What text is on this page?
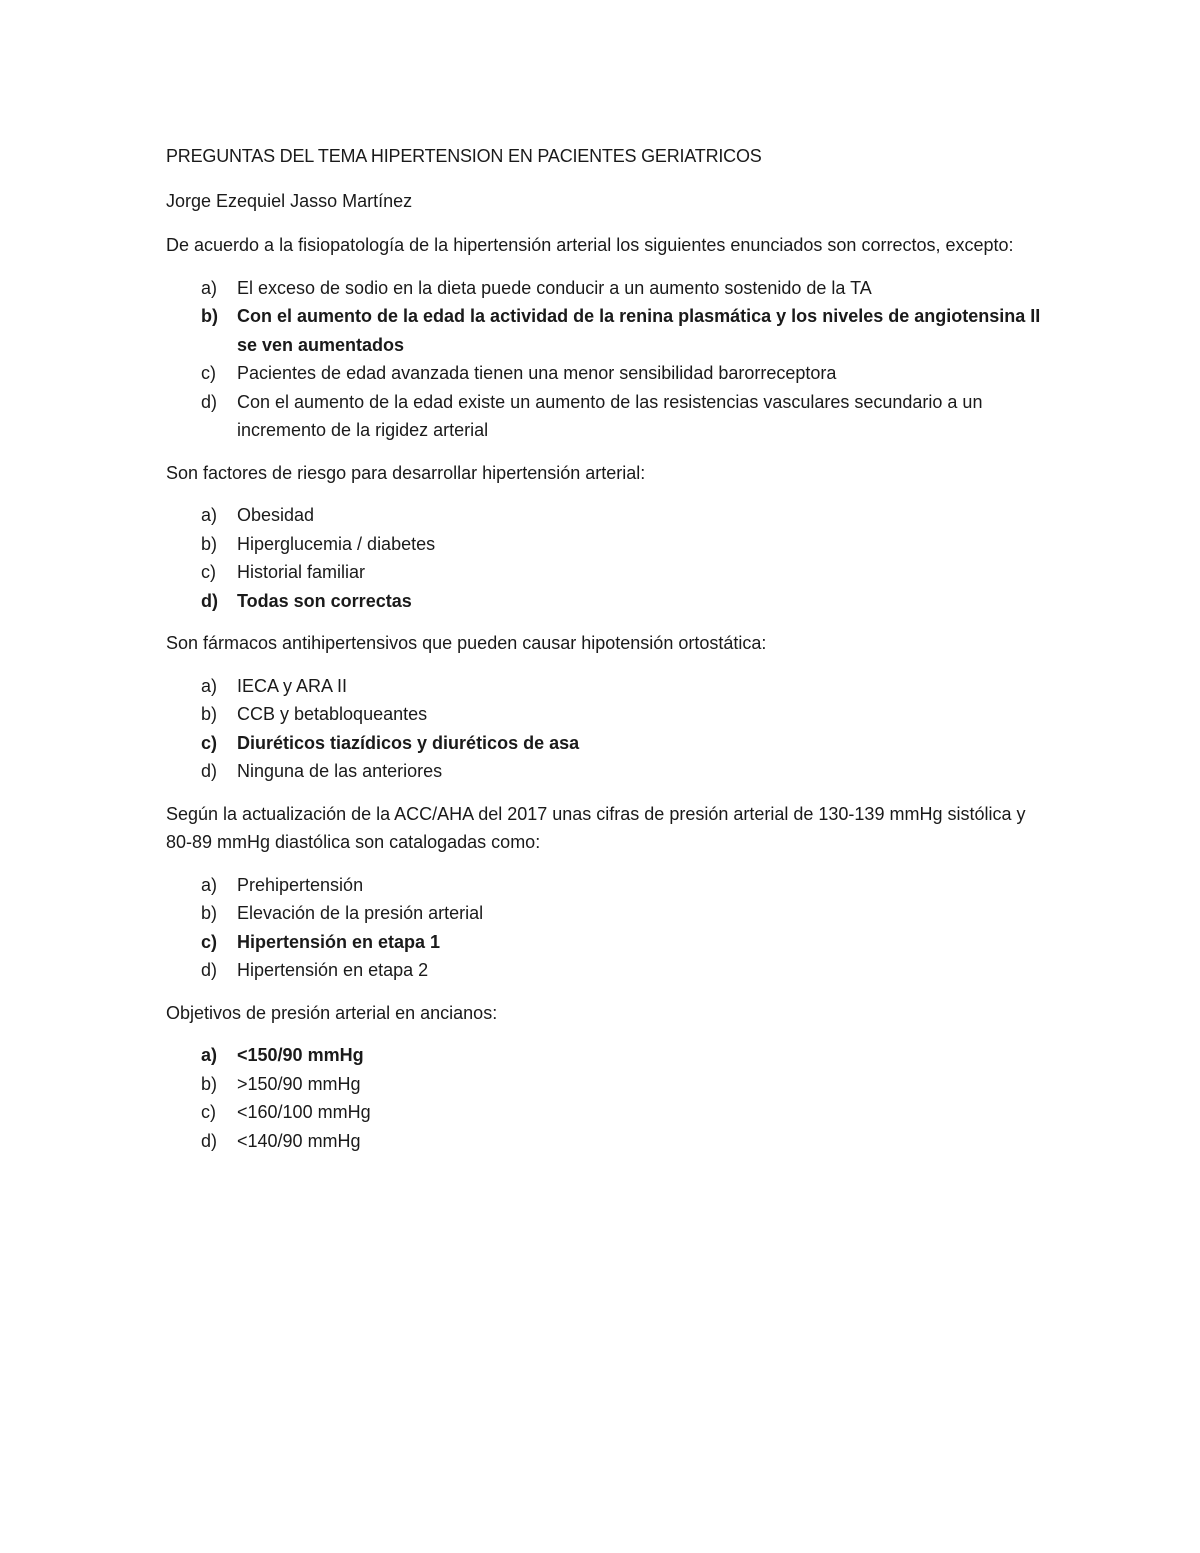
PREGUNTAS DEL TEMA HIPERTENSION EN PACIENTES GERIATRICOS

Jorge Ezequiel Jasso Martínez

De acuerdo a la fisiopatología de la hipertensión arterial los siguientes enunciados son correctos, excepto:

a) El exceso de sodio en la dieta puede conducir a un aumento sostenido de la TA
b) Con el aumento de la edad la actividad de la renina plasmática y los niveles de angiotensina II se ven aumentados
c) Pacientes de edad avanzada tienen una menor sensibilidad barorreceptora
d) Con el aumento de la edad existe un aumento de las resistencias vasculares secundario a un incremento de la rigidez arterial

Son factores de riesgo para desarrollar hipertensión arterial:

a) Obesidad
b) Hiperglucemia / diabetes
c) Historial familiar
d) Todas son correctas

Son fármacos antihipertensivos que pueden causar hipotensión ortostática:

a) IECA y ARA II
b) CCB y betabloqueantes
c) Diuréticos tiazídicos y diuréticos de asa
d) Ninguna de las anteriores

Según la actualización de la ACC/AHA del 2017 unas cifras de presión arterial de 130-139 mmHg sistólica y 80-89 mmHg diastólica son catalogadas como:

a) Prehipertensión
b) Elevación de la presión arterial
c) Hipertensión en etapa 1
d) Hipertensión en etapa 2

Objetivos de presión arterial en ancianos:

a) <150/90 mmHg
b) >150/90 mmHg
c) <160/100 mmHg
d) <140/90 mmHg
